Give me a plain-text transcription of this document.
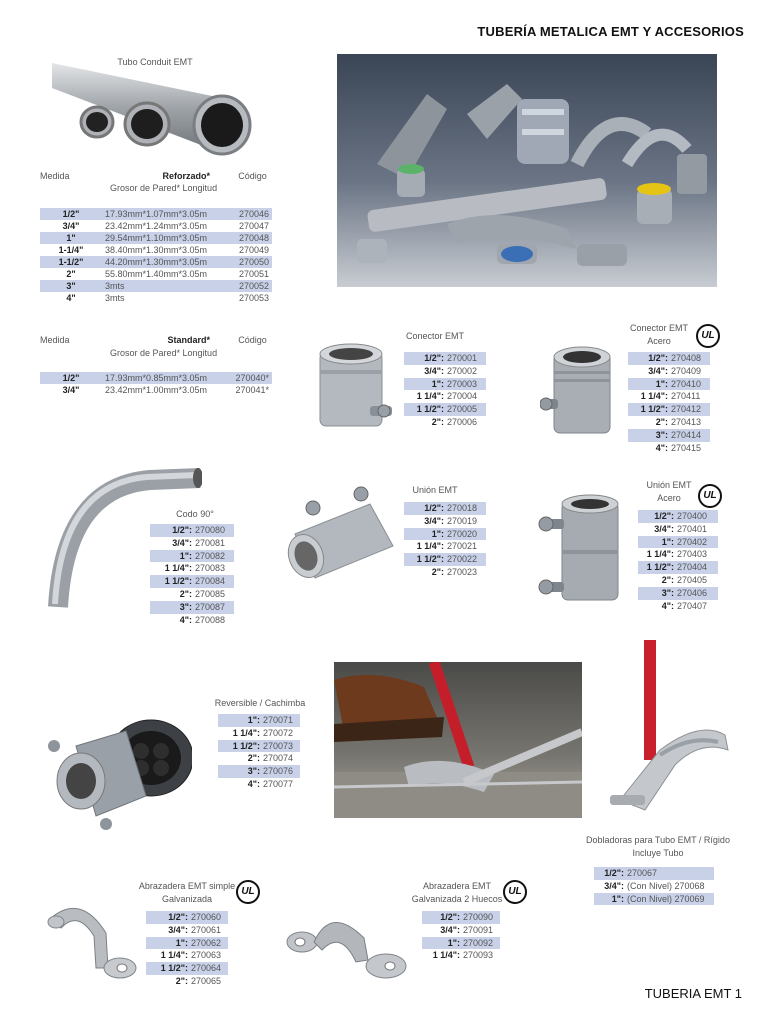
TUBERÍA METALICA EMT Y ACCESORIOS
Tubo Conduit EMT
Medida	Reforzado*
Grosor de Pared* Longitud
Código
1/2"	17.93mm*1.07mm*3.05m	270046
3/4"	23.42mm*1.24mm*3.05m	270047
1"	29.54mm*1.10mm*3.05m	270048
1-1/4"	38.40mm*1.30mm*3.05m	270049
1-1/2"	44.20mm*1.30mm*3.05m	270050
2"	55.80mm*1.40mm*3.05m	270051
3"	3mts	270052
4"	3mts	270053
Medida	Standard*
Grosor de Pared* Longitud
Código
1/2"	17.93mm*0.85mm*3.05m	270040*
3/4"	23.42mm*1.00mm*3.05m	270041*
Conector EMT
1/2": 270001
3/4": 270002
1": 270003
1 1/4": 270004
1 1/2": 270005
2": 270006
Conector EMT
Acero	UL
1/2": 270408
3/4": 270409
1": 270410
1 1/4": 270411
1 1/2": 270412
2": 270413
3": 270414
4": 270415
Codo 90°
1/2": 270080
3/4": 270081
1": 270082
1 1/4": 270083
1 1/2": 270084
2": 270085
3": 270087
4": 270088
Unión EMT
1/2": 270018
3/4": 270019
1": 270020
1 1/4": 270021
1 1/2": 270022
2": 270023
Unión EMT
Acero	UL
1/2": 270400
3/4": 270401
1": 270402
1 1/4": 270403
1 1/2": 270404
2": 270405
3": 270406
4": 270407
Reversible / Cachimba
1": 270071
1 1/4": 270072
1 1/2": 270073
2": 270074
3": 270076
4": 270077
Dobladoras para Tubo EMT / Rígido
Incluye Tubo
1/2": 270067
3/4": (Con Nivel) 270068
1": (Con Nivel) 270069
Abrazadera EMT simple
Galvanizada
UL
1/2": 270060
3/4": 270061
1": 270062
1 1/4": 270063
1 1/2": 270064
2": 270065
Abrazadera EMT
Galvanizada 2 Huecos
UL
1/2": 270090
3/4": 270091
1": 270092
1 1/4": 270093
TUBERIA EMT 1
